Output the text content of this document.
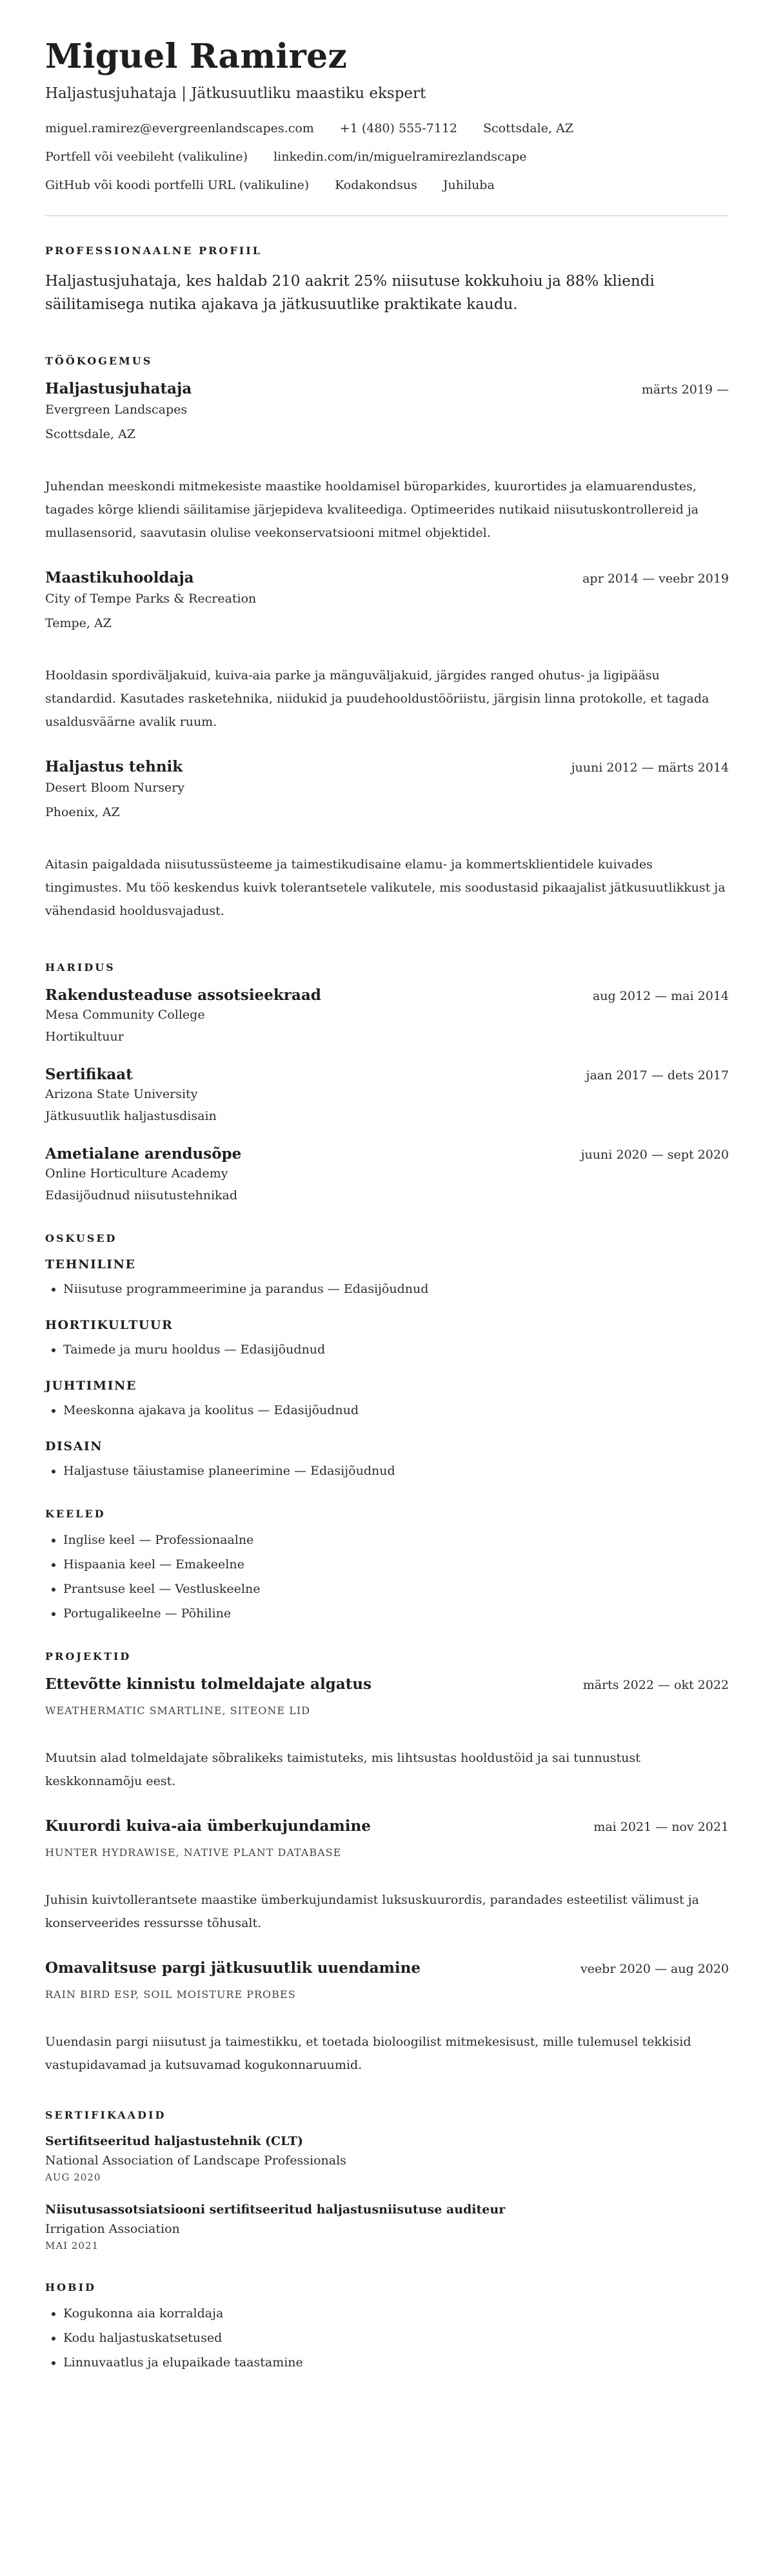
Miguel Ramirez
Haljastusjuhataja | Jätkusuutliku maastiku ekspert
miguel.ramirez@evergreenlandscapes.com +1 (480) 555-7112 Scottsdale, AZ
Portfell või veebileht (valikuline) linkedin.com/in/miguelramirezlandscape
GitHub või koodi portfelli URL (valikuline) Kodakondsus Juhiluba
PROFESSIONAALNE PROFIIL
Haljastusjuhataja, kes haldab 210 aakrit 25% niisutuse kokkuhoiu ja 88% kliendi säilitamisega nutika ajakava ja jätkusuutlike praktikate kaudu.
TÖÖKOGEMUS
Haljastusjuhataja	märts 2019 —
Evergreen Landscapes
Scottsdale, AZ
Juhendan meeskondi mitmekesiste maastike hooldamisel büroparkides, kuurortides ja elamuarendustes, tagades kõrge kliendi säilitamise järjepideva kvaliteediga. Optimeerides nutikaid niisutuskontrollereid ja mullasensorid, saavutasin olulise veekonservatsiooni mitmel objektidel.
Maastikuhooldaja	apr 2014 — veebr 2019
City of Tempe Parks & Recreation
Tempe, AZ
Hooldasin spordiväljakuid, kuiva-aia parke ja mänguväljakuid, järgides ranged ohutus- ja ligipääsu standardid. Kasutades rasketehnika, niidukid ja puudehooldustööriistu, järgisin linna protokolle, et tagada usaldusväärne avalik ruum.
Haljastus tehnik	juuni 2012 — märts 2014
Desert Bloom Nursery
Phoenix, AZ
Aitasin paigaldada niisutussüsteeme ja taimestikudisaine elamu- ja kommertsklientidele kuivades tingimustes. Mu töö keskendus kuivk tolerantsetele valikutele, mis soodustasid pikaajalist jätkusuutlikkust ja vähendasid hooldusvajadust.
HARIDUS
Rakendusteaduse assotsieekraad	aug 2012 — mai 2014
Mesa Community College
Hortikultuur
Sertifikaat	jaan 2017 — dets 2017
Arizona State University
Jätkusuutlik haljastusdisain
Ametialane arendusõpe	juuni 2020 — sept 2020
Online Horticulture Academy
Edasijõudnud niisutustehnikad
OSKUSED
TEHNILINE
• Niisutuse programmeerimine ja parandus — Edasijõudnud
HORTIKULTUUR
• Taimede ja muru hooldus — Edasijõudnud
JUHTIMINE
• Meeskonna ajakava ja koolitus — Edasijõudnud
DISAIN
• Haljastuse täiustamise planeerimine — Edasijõudnud
KEELED
• Inglise keel — Professionaalne
• Hispaania keel — Emakeelne
• Prantsuse keel — Vestluskeelne
• Portugalikeelne — Põhiline
PROJEKTID
Ettevõtte kinnistu tolmeldajate algatus	märts 2022 — okt 2022
WEATHERMATIC SMARTLINE, SITEONE LID
Muutsin alad tolmeldajate sõbralikeks taimistuteks, mis lihtsustas hooldustöid ja sai tunnustust keskkonnamõju eest.
Kuurordi kuiva-aia ümberkujundamine	mai 2021 — nov 2021
HUNTER HYDRAWISE, NATIVE PLANT DATABASE
Juhisin kuivtollerantsete maastike ümberkujundamist luksuskuurordis, parandades esteetilist välimust ja konserveerides ressursse tõhusalt.
Omavalitsuse pargi jätkusuutlik uuendamine	veebr 2020 — aug 2020
RAIN BIRD ESP, SOIL MOISTURE PROBES
Uuendasin pargi niisutust ja taimestikku, et toetada bioloogilist mitmekesisust, mille tulemusel tekkisid vastupidavamad ja kutsuvamad kogukonnaruumid.
SERTIFIKAADID
Sertifitseeritud haljastustehnik (CLT)
National Association of Landscape Professionals
AUG 2020
Niisutusassotsiatsiooni sertifitseeritud haljastusniisutuse auditeur
Irrigation Association
MAI 2021
HOBID
• Kogukonna aia korraldaja
• Kodu haljastuskatsetused
• Linnuvaatlus ja elupaikade taastamine
